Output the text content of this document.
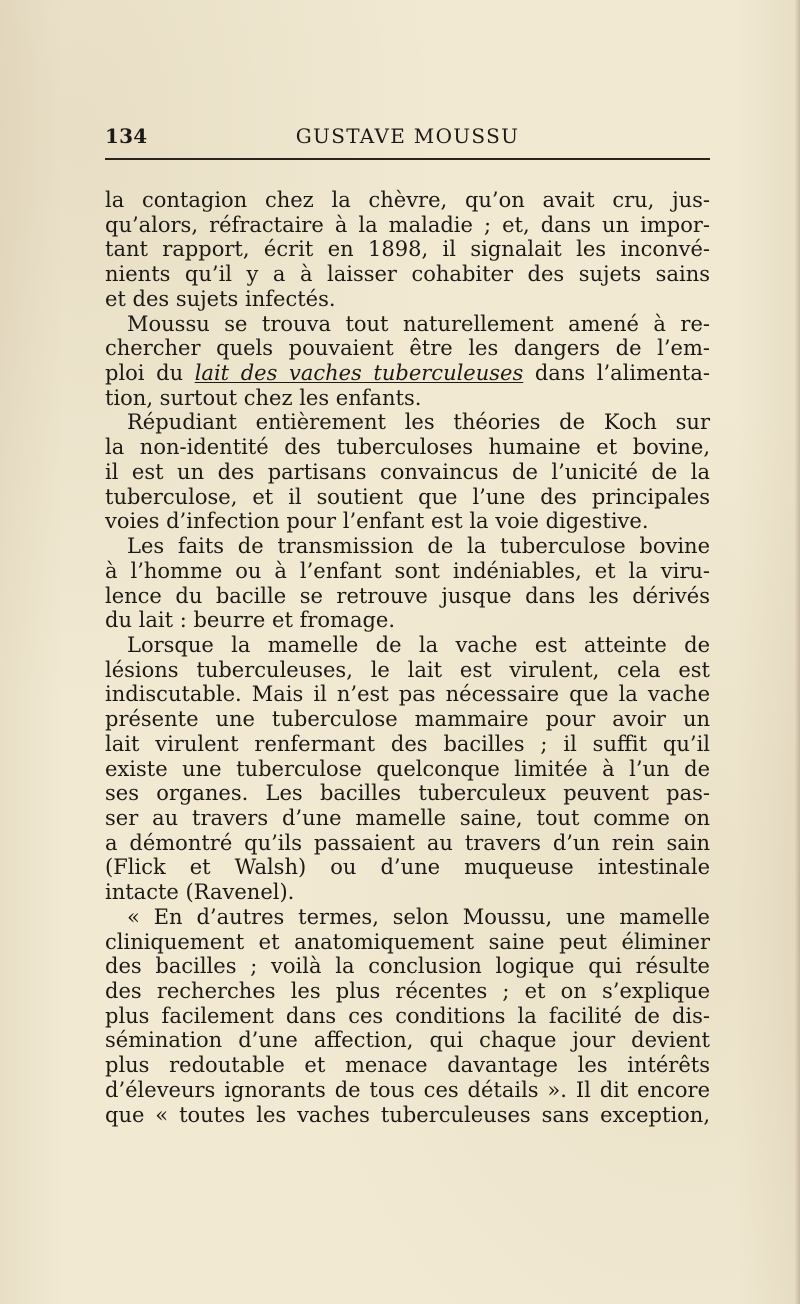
134	GUSTAVE MOUSSU
la contagion chez la chèvre, qu’on avait cru, jus-
qu’alors, réfractaire à la maladie ; et, dans un impor-
tant rapport, écrit en 1898, il signalait les inconvé-
nients qu’il y a à laisser cohabiter des sujets sains
et des sujets infectés.
Moussu se trouva tout naturellement amené à re-
chercher quels pouvaient être les dangers de l’em-
ploi du lait des vaches tuberculeuses dans l’alimenta-
tion, surtout chez les enfants.
Répudiant entièrement les théories de Koch sur
la non-identité des tuberculoses humaine et bovine,
il est un des partisans convaincus de l’unicité de la
tuberculose, et il soutient que l’une des principales
voies d’infection pour l’enfant est la voie digestive.
Les faits de transmission de la tuberculose bovine
à l’homme ou à l’enfant sont indéniables, et la viru-
lence du bacille se retrouve jusque dans les dérivés
du lait : beurre et fromage.
Lorsque la mamelle de la vache est atteinte de
lésions tuberculeuses, le lait est virulent, cela est
indiscutable. Mais il n’est pas nécessaire que la vache
présente une tuberculose mammaire pour avoir un
lait virulent renfermant des bacilles ; il suffit qu’il
existe une tuberculose quelconque limitée à l’un de
ses organes. Les bacilles tuberculeux peuvent pas-
ser au travers d’une mamelle saine, tout comme on
a démontré qu’ils passaient au travers d’un rein sain
(Flick et Walsh) ou d’une muqueuse intestinale
intacte (Ravenel).
« En d’autres termes, selon Moussu, une mamelle
cliniquement et anatomiquement saine peut éliminer
des bacilles ; voilà la conclusion logique qui résulte
des recherches les plus récentes ; et on s’explique
plus facilement dans ces conditions la facilité de dis-
sémination d’une affection, qui chaque jour devient
plus redoutable et menace davantage les intérêts
d’éleveurs ignorants de tous ces détails ». Il dit encore
que « toutes les vaches tuberculeuses sans exception,
